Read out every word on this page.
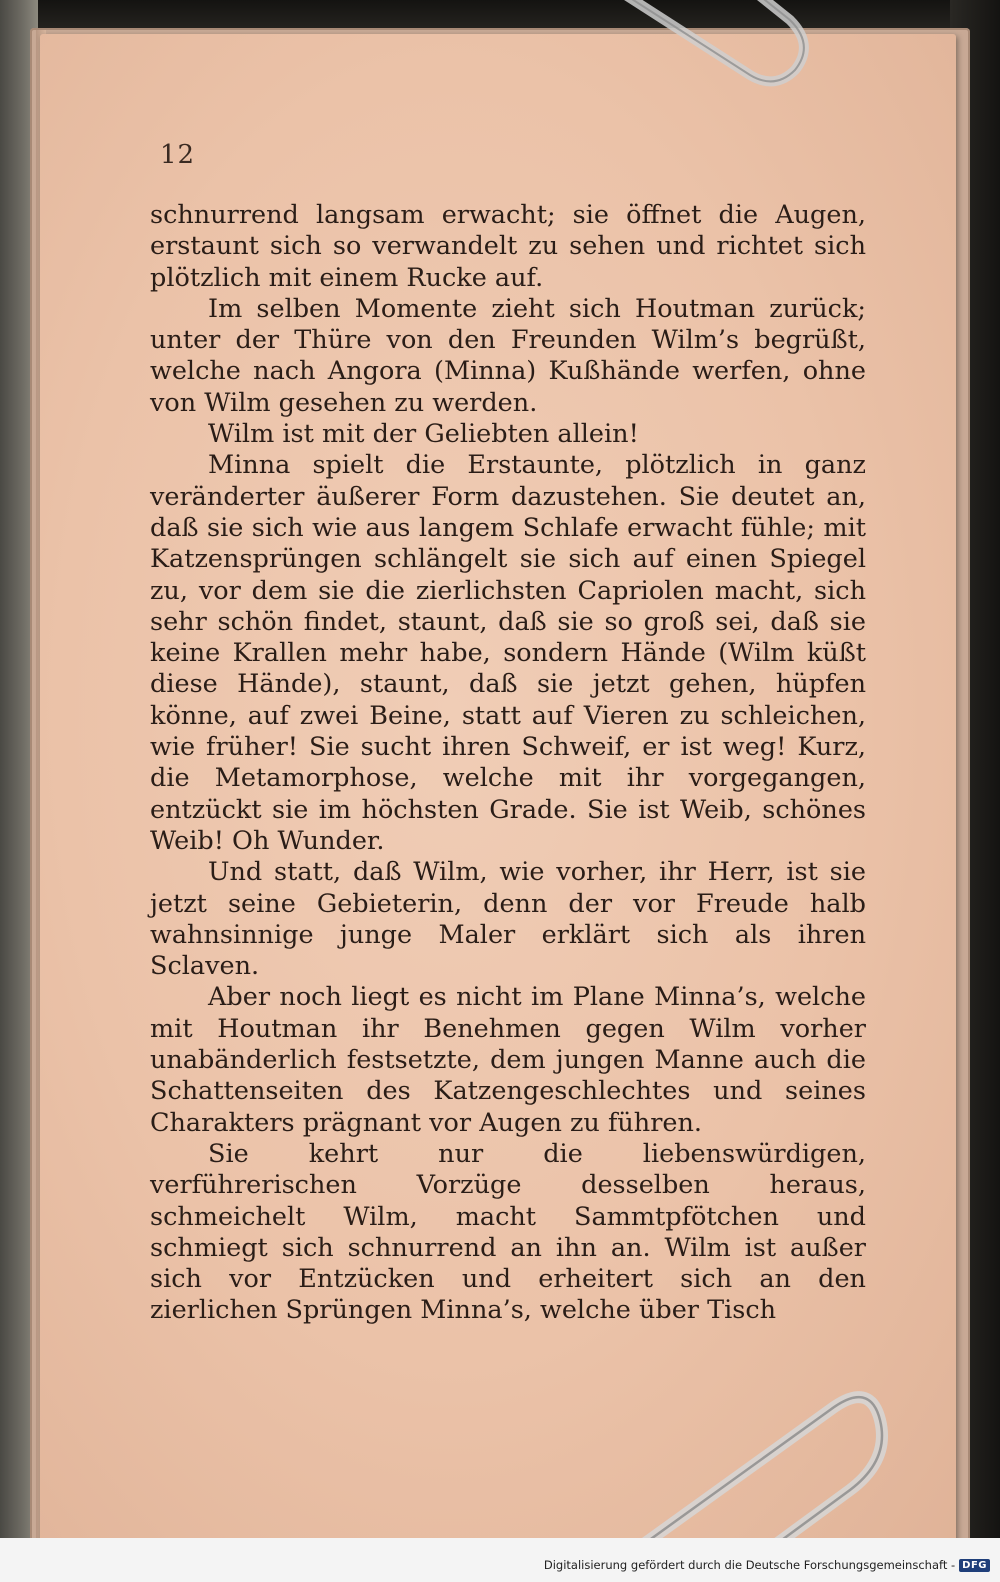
12

schnurrend langsam erwacht; sie öffnet die Augen, erstaunt sich so verwandelt zu sehen und richtet sich plötzlich mit einem Rucke auf.

Im selben Momente zieht sich Houtman zurück; unter der Thüre von den Freunden Wilm’s begrüßt, welche nach Angora (Minna) Kußhände werfen, ohne von Wilm gesehen zu werden.

Wilm ist mit der Geliebten allein!

Minna spielt die Erstaunte, plötzlich in ganz veränderter äußerer Form dazustehen. Sie deutet an, daß sie sich wie aus langem Schlafe erwacht fühle; mit Katzensprüngen schlängelt sie sich auf einen Spiegel zu, vor dem sie die zierlichsten Capriolen macht, sich sehr schön findet, staunt, daß sie so groß sei, daß sie keine Krallen mehr habe, sondern Hände (Wilm küßt diese Hände), staunt, daß sie jetzt gehen, hüpfen könne, auf zwei Beine, statt auf Vieren zu schleichen, wie früher! Sie sucht ihren Schweif, er ist weg! Kurz, die Metamorphose, welche mit ihr vorgegangen, entzückt sie im höchsten Grade. Sie ist Weib, schönes Weib! Oh Wunder.

Und statt, daß Wilm, wie vorher, ihr Herr, ist sie jetzt seine Gebieterin, denn der vor Freude halb wahnsinnige junge Maler erklärt sich als ihren Sclaven.

Aber noch liegt es nicht im Plane Minna’s, welche mit Houtman ihr Benehmen gegen Wilm vorher unabänderlich festsetzte, dem jungen Manne auch die Schattenseiten des Katzengeschlechtes und seines Charakters prägnant vor Augen zu führen.

Sie kehrt nur die liebenswürdigen, verführerischen Vorzüge desselben heraus, schmeichelt Wilm, macht Sammtpfötchen und schmiegt sich schnurrend an ihn an. Wilm ist außer sich vor Entzücken und erheitert sich an den zierlichen Sprüngen Minna’s, welche über Tisch

Digitalisierung gefördert durch die Deutsche Forschungsgemeinschaft - DFG
